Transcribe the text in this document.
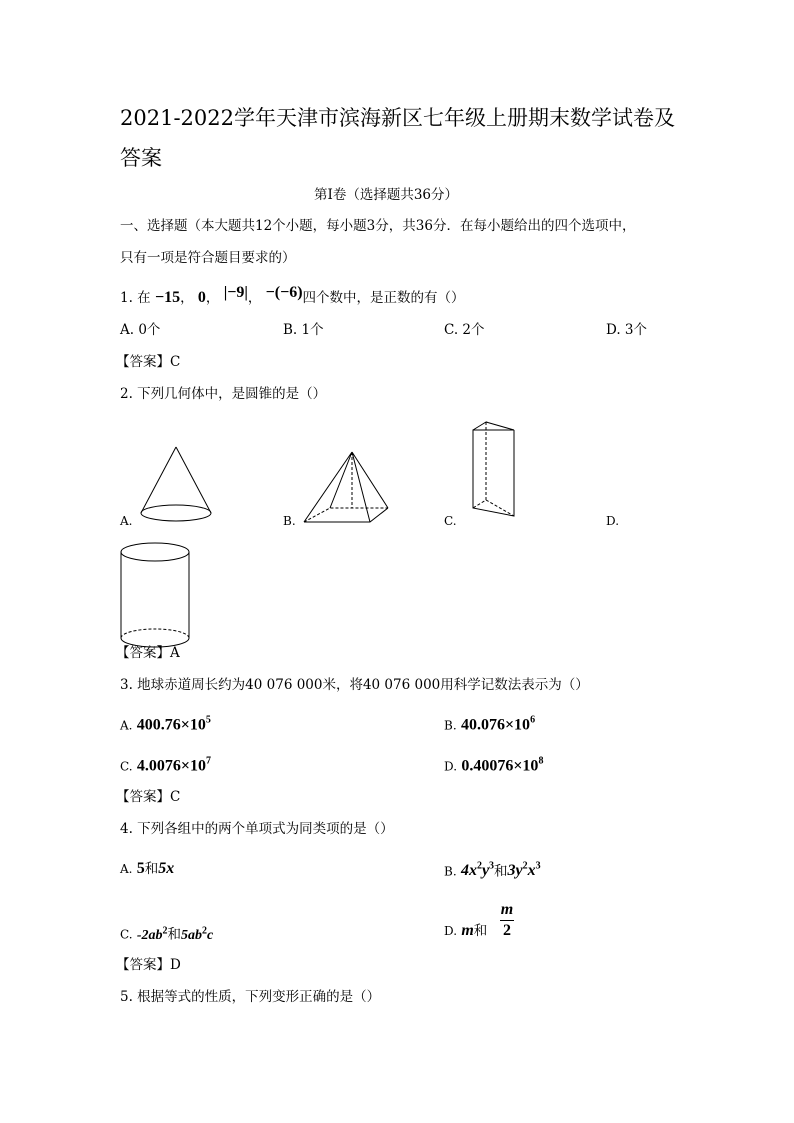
2021-2022学年天津市滨海新区七年级上册期末数学试卷及
答案
第Ⅰ卷（选择题共36分）
一、选择题（本大题共12个小题，每小题3分，共36分．在每小题给出的四个选项中，
只有一项是符合题目要求的）
1. 在 −15， 0， |−9|， −(−6)四个数中，是正数的有（）
A. 0个	B. 1个	C. 2个	D. 3个
【答案】C
2. 下列几何体中，是圆锥的是（）
A.	B.	C.	D.
【答案】A
3. 地球赤道周长约为40 076 000米，将40 076 000用科学记数法表示为（）
A. $400.76\times 10^5$	B. $40.076\times 10^6$
C. $4.0076\times 10^7$	D. $0.40076\times 10^8$
【答案】C
4. 下列各组中的两个单项式为同类项的是（）
A. 5和5x	B. $4x^2y^3$和$3y^2x^3$
C. $-2ab^2$和$5ab^2c$	D. m和 $\frac{m}{2}$
【答案】D
5. 根据等式的性质，下列变形正确的是（）
